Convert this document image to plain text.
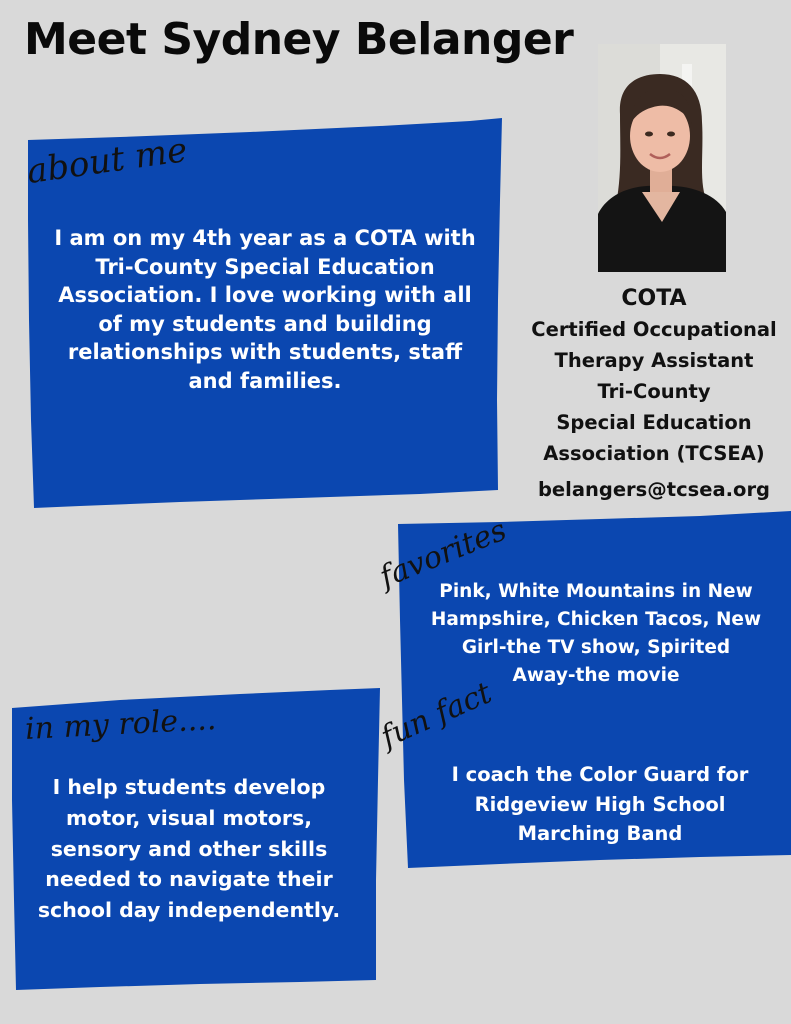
Meet Sydney Belanger
about me
favorites
in my role....	fun fact
I am on my 4th year as a COTA with Tri-County Special Education Association. I love working with all of my students and building relationships with students, staff and families.
Pink, White Mountains in New Hampshire, Chicken Tacos, New Girl-the TV show, Spirited Away-the movie
I help students develop motor, visual motors, sensory and other skills needed to navigate their school day independently.
I coach the Color Guard for Ridgeview High School Marching Band
COTA
Certified Occupational
Therapy Assistant
Tri-County
Special Education
Association (TCSEA)
belangers@tcsea.org
